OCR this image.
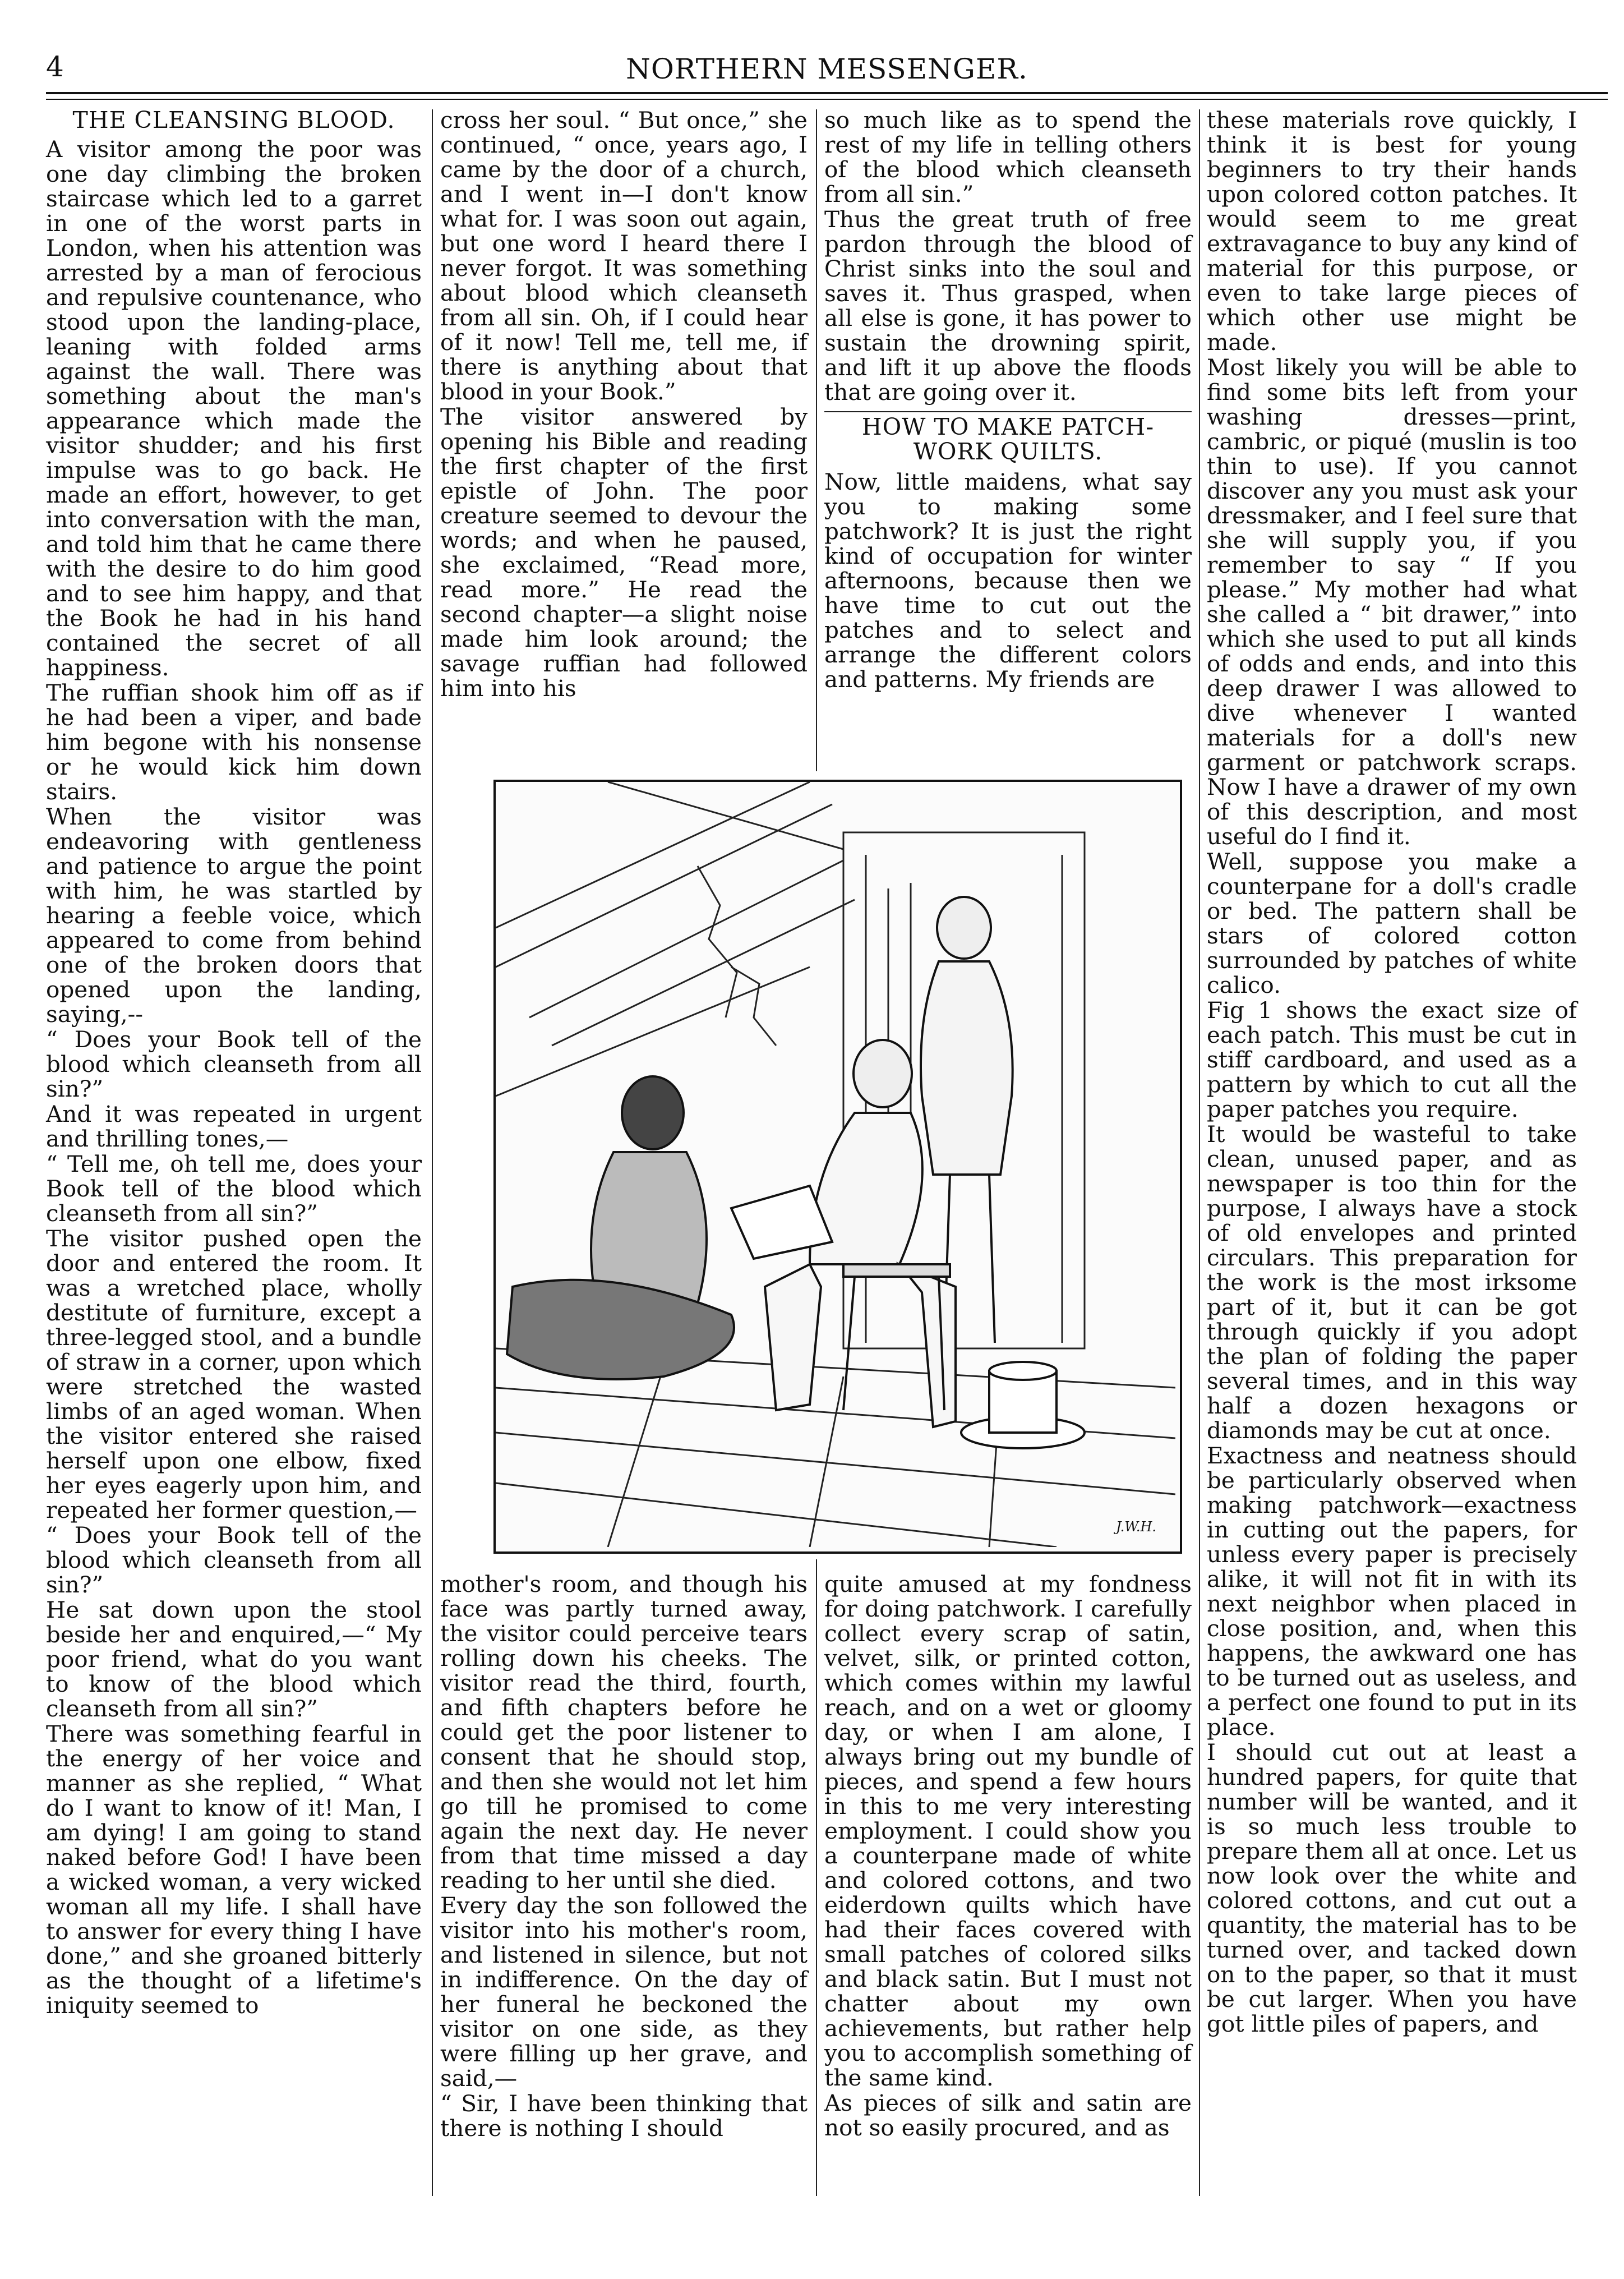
4	NORTHERN MESSENGER.

THE CLEANSING BLOOD.

A visitor among the poor was one day climbing the broken staircase which led to a garret in one of the worst parts in London, when his attention was arrested by a man of ferocious and repulsive countenance, who stood upon the landing-place, leaning with folded arms against the wall. There was something about the man's appearance which made the visitor shudder; and his first impulse was to go back. He made an effort, however, to get into conversation with the man, and told him that he came there with the desire to do him good and to see him happy, and that the Book he had in his hand contained the secret of all happiness.

The ruffian shook him off as if he had been a viper, and bade him begone with his nonsense or he would kick him down stairs.

When the visitor was endeavoring with gentleness and patience to argue the point with him, he was startled by hearing a feeble voice, which appeared to come from behind one of the broken doors that opened upon the landing, saying,--

“ Does your Book tell of the blood which cleanseth from all sin?”

And it was repeated in urgent and thrilling tones,—

“ Tell me, oh tell me, does your Book tell of the blood which cleanseth from all sin?”

The visitor pushed open the door and entered the room. It was a wretched place, wholly destitute of furniture, except a three-legged stool, and a bundle of straw in a corner, upon which were stretched the wasted limbs of an aged woman. When the visitor entered she raised herself upon one elbow, fixed her eyes eagerly upon him, and repeated her former question,—

“ Does your Book tell of the blood which cleanseth from all sin?”

He sat down upon the stool beside her and enquired,—“ My poor friend, what do you want to know of the blood which cleanseth from all sin?”

There was something fearful in the energy of her voice and manner as she replied, “ What do I want to know of it! Man, I am dying! I am going to stand naked before God! I have been a wicked woman, a very wicked woman all my life. I shall have to answer for every thing I have done,” and she groaned bitterly as the thought of a lifetime's iniquity seemed to

cross her soul. “ But once,” she continued, “ once, years ago, I came by the door of a church, and I went in—I don't know what for. I was soon out again, but one word I heard there I never forgot. It was something about blood which cleanseth from all sin. Oh, if I could hear of it now! Tell me, tell me, if there is anything about that blood in your Book.”

The visitor answered by opening his Bible and reading the first chapter of the first epistle of John. The poor creature seemed to devour the words; and when he paused, she exclaimed, “Read more, read more.” He read the second chapter—a slight noise made him look around; the savage ruffian had followed him into his

so much like as to spend the rest of my life in telling others of the blood which cleanseth from all sin.”

Thus the great truth of free pardon through the blood of Christ sinks into the soul and saves it. Thus grasped, when all else is gone, it has power to sustain the drowning spirit, and lift it up above the floods that are going over it.

HOW TO MAKE PATCH-WORK QUILTS.

Now, little maidens, what say you to making some patchwork? It is just the right kind of occupation for winter afternoons, because then we have time to cut out the patches and to select and arrange the different colors and patterns. My friends are

these materials rove quickly, I think it is best for young beginners to try their hands upon colored cotton patches. It would seem to me great extravagance to buy any kind of material for this purpose, or even to take large pieces of which other use might be made.

Most likely you will be able to find some bits left from your washing dresses—print, cambric, or piqué (muslin is too thin to use). If you cannot discover any you must ask your dressmaker, and I feel sure that she will supply you, if you remember to say “ If you please.” My mother had what she called a “ bit drawer,” into which she used to put all kinds of odds and ends, and into this deep drawer I was allowed to dive whenever I wanted materials for a doll's new garment or patchwork scraps. Now I have a drawer of my own of this description, and most useful do I find it.

Well, suppose you make a counterpane for a doll's cradle or bed. The pattern shall be stars of colored cotton surrounded by patches of white calico.

Fig 1 shows the exact size of each patch. This must be cut in stiff cardboard, and used as a pattern by which to cut all the paper patches you require.

It would be wasteful to take clean, unused paper, and as newspaper is too thin for the purpose, I always have a stock of old envelopes and printed circulars. This preparation for the work is the most irksome part of it, but it can be got through quickly if you adopt the plan of folding the paper several times, and in this way half a dozen hexagons or diamonds may be cut at once.

Exactness and neatness should be particularly observed when making patchwork—exactness in cutting out the papers, for unless every paper is precisely alike, it will not fit in with its next neighbor when placed in close position, and, when this happens, the awkward one has to be turned out as useless, and a perfect one found to put in its place.

I should cut out at least a hundred papers, for quite that number will be wanted, and it is so much less trouble to prepare them all at once. Let us now look over the white and colored cottons, and cut out a quantity, the material has to be turned over, and tacked down on to the paper, so that it must be cut larger. When you have got little piles of papers, and

J.W.H.

mother's room, and though his face was partly turned away, the visitor could perceive tears rolling down his cheeks. The visitor read the third, fourth, and fifth chapters before he could get the poor listener to consent that he should stop, and then she would not let him go till he promised to come again the next day. He never from that time missed a day reading to her until she died.

Every day the son followed the visitor into his mother's room, and listened in silence, but not in indifference. On the day of her funeral he beckoned the visitor on one side, as they were filling up her grave, and said,—

“ Sir, I have been thinking that there is nothing I should

quite amused at my fondness for doing patchwork. I carefully collect every scrap of satin, velvet, silk, or printed cotton, which comes within my lawful reach, and on a wet or gloomy day, or when I am alone, I always bring out my bundle of pieces, and spend a few hours in this to me very interesting employment. I could show you a counterpane made of white and colored cottons, and two eiderdown quilts which have had their faces covered with small patches of colored silks and black satin. But I must not chatter about my own achievements, but rather help you to accomplish something of the same kind.

As pieces of silk and satin are not so easily procured, and as
